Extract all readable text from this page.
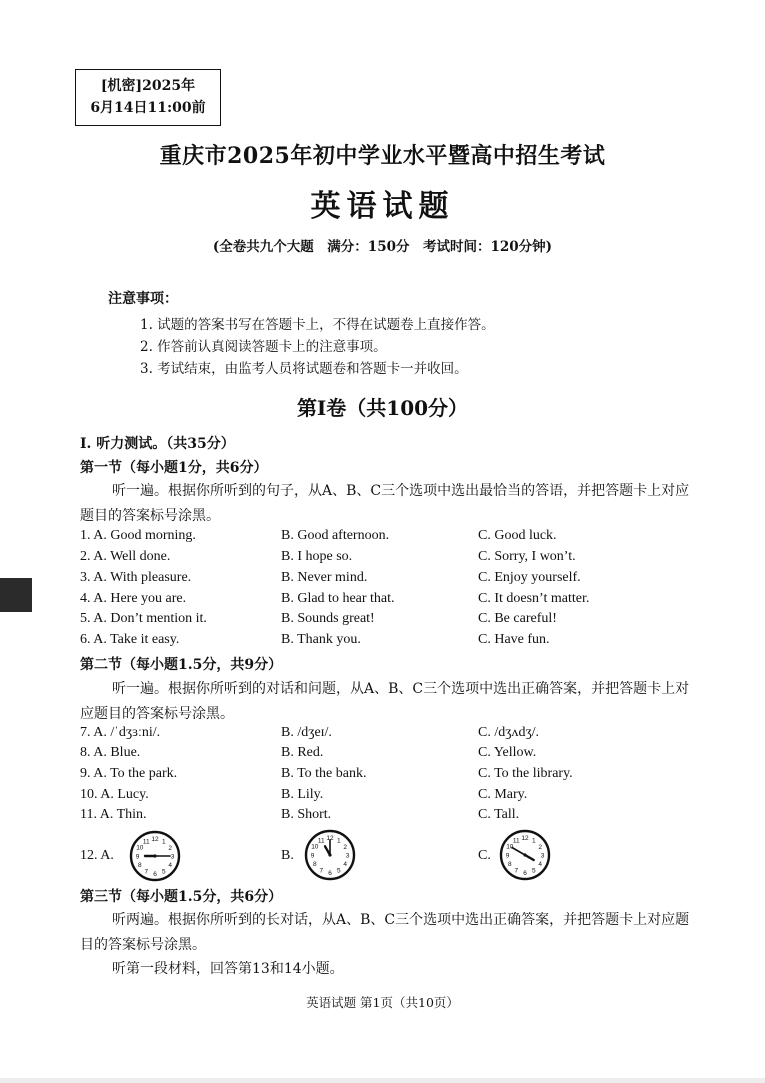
[机密]2025年
6月14日11:00前
重庆市2025年初中学业水平暨高中招生考试
英语试题
(全卷共九个大题　满分：150分　考试时间：120分钟)
注意事项：
1. 试题的答案书写在答题卡上，不得在试题卷上直接作答。
2. 作答前认真阅读答题卡上的注意事项。
3. 考试结束，由监考人员将试题卷和答题卡一并收回。
第Ⅰ卷（共100分）
I. 听力测试。（共35分）
第一节（每小题1分，共6分）
听一遍。根据你所听到的句子，从A、B、C三个选项中选出最恰当的答语，并把答题卡上对应题目的答案标号涂黑。
1. A. Good morning.	B. Good afternoon.	C. Good luck.
2. A. Well done.	B. I hope so.	C. Sorry, I won’t.
3. A. With pleasure.	B. Never mind.	C. Enjoy yourself.
4. A. Here you are.	B. Glad to hear that.	C. It doesn’t matter.
5. A. Don’t mention it.	B. Sounds great!	C. Be careful!
6. A. Take it easy.	B. Thank you.	C. Have fun.
第二节（每小题1.5分，共9分）
听一遍。根据你所听到的对话和问题，从A、B、C三个选项中选出正确答案，并把答题卡上对应题目的答案标号涂黑。
7. A. /ˈdʒɜːni/.	B. /dʒeɪ/.	C. /dʒʌdʒ/.
8. A. Blue.	B. Red.	C. Yellow.
9. A. To the park.	B. To the bank.	C. To the library.
10. A. Lucy.	B. Lily.	C. Mary.
11. A. Thin.	B. Short.	C. Tall.
12. A.	B.	C.
1
2
3
4
5
6
7
8
9
10
11 12	1
2
3
4
5
6
7
8
9
10
11 12	1
2
3
4
5
6
7
8
9
10
11 12
第三节（每小题1.5分，共6分）
听两遍。根据你所听到的长对话，从A、B、C三个选项中选出正确答案，并把答题卡上对应题目的答案标号涂黑。
听第一段材料，回答第13和14小题。
英语试题 第1页（共10页）
